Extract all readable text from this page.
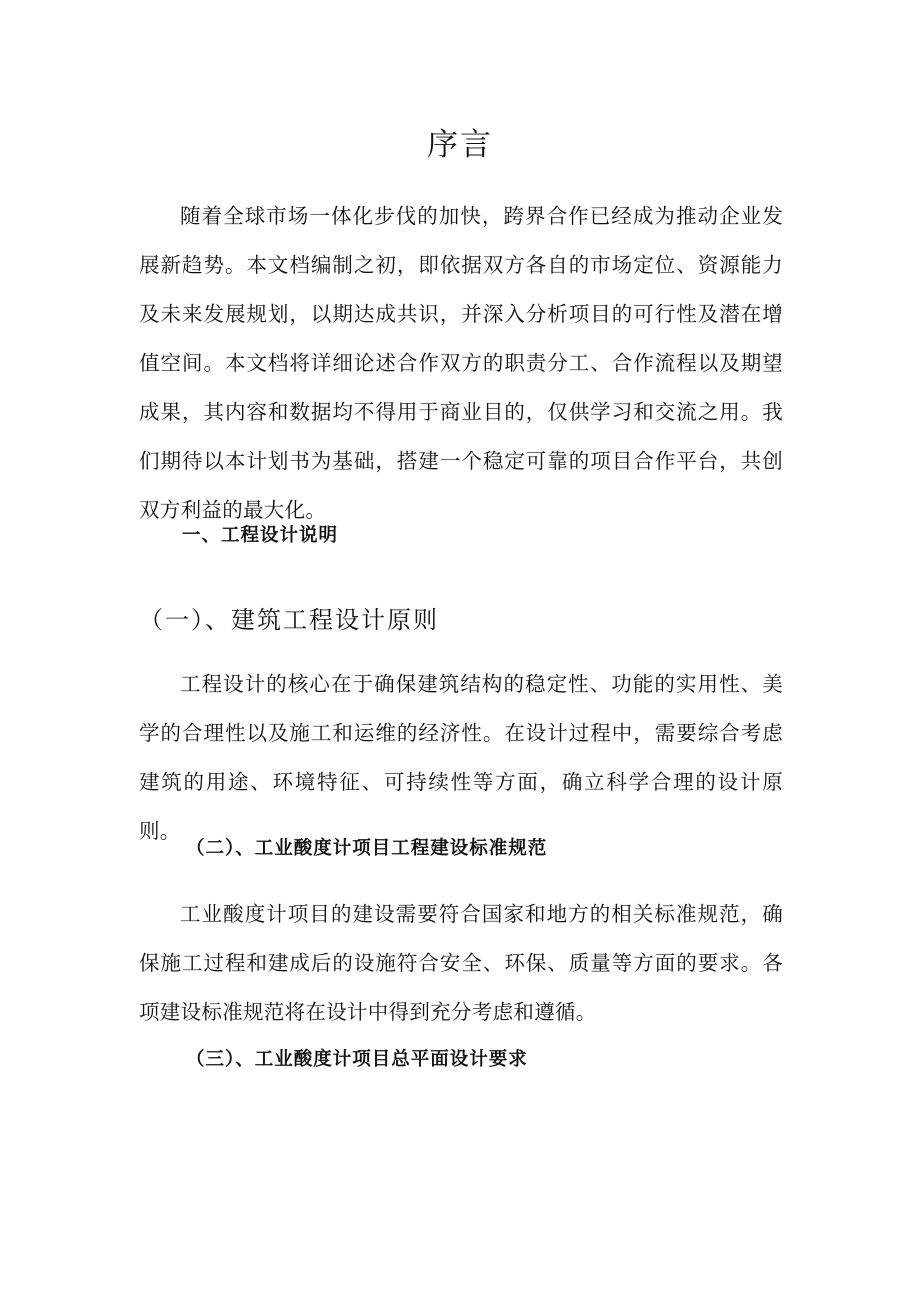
序言

随着全球市场一体化步伐的加快，跨界合作已经成为推动企业发展新趋势。本文档编制之初，即依据双方各自的市场定位、资源能力及未来发展规划，以期达成共识，并深入分析项目的可行性及潜在增值空间。本文档将详细论述合作双方的职责分工、合作流程以及期望成果，其内容和数据均不得用于商业目的，仅供学习和交流之用。我们期待以本计划书为基础，搭建一个稳定可靠的项目合作平台，共创双方利益的最大化。

一、工程设计说明
（一）、建筑工程设计原则

工程设计的核心在于确保建筑结构的稳定性、功能的实用性、美学的合理性以及施工和运维的经济性。在设计过程中，需要综合考虑建筑的用途、环境特征、可持续性等方面，确立科学合理的设计原则。

（二）、工业酸度计项目工程建设标准规范

工业酸度计项目的建设需要符合国家和地方的相关标准规范，确保施工过程和建成后的设施符合安全、环保、质量等方面的要求。各项建设标准规范将在设计中得到充分考虑和遵循。

（三）、工业酸度计项目总平面设计要求
